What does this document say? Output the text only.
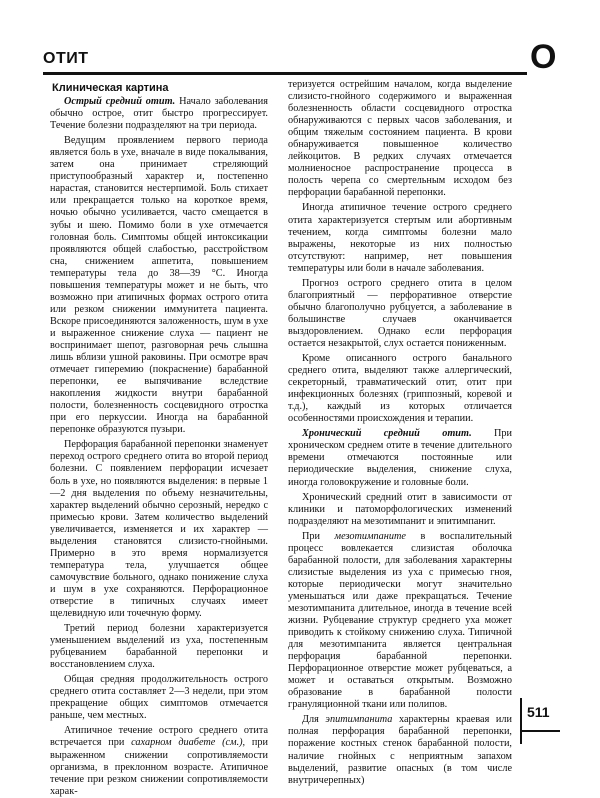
ОТИТ	О
Клиническая картина

Острый средний отит. Начало заболевания обычно острое, отит быстро прогрессирует. Течение болезни подразделяют на три периода.

Ведущим проявлением первого периода является боль в ухе, вначале в виде покалывания, затем она принимает стреляющий приступообразный характер и, постепенно нарастая, становится нестерпимой. Боль стихает или прекращается только на короткое время, ночью обычно усиливается, часто смещается в зубы и шею. Помимо боли в ухе отмечается головная боль. Симптомы общей интоксикации проявляются общей слабостью, расстройством сна, снижением аппетита, повышением температуры тела до 38—39 °С. Иногда повышения температуры может и не быть, что возможно при атипичных формах острого отита или резком снижении иммунитета пациента. Вскоре присоединяются заложенность, шум в ухе и выраженное снижение слуха — пациент не воспринимает шепот, разговорная речь слышна лишь вблизи ушной раковины. При осмотре врач отмечает гиперемию (покраснение) барабанной перепонки, ее выпячивание вследствие накопления жидкости внутри барабанной полости, болезненность сосцевидного отростка при его перкуссии. Иногда на барабанной перепонке образуются пузыри.

Перфорация барабанной перепонки знаменует переход острого среднего отита во второй период болезни. С появлением перфорации исчезает боль в ухе, но появляются выделения: в первые 1—2 дня выделения по объему незначительны, характер выделений обычно серозный, нередко с примесью крови. Затем количество выделений увеличивается, изменяется и их характер — выделения становятся слизисто-гнойными. Примерно в это время нормализуется температура тела, улучшается общее самочувствие больного, однако понижение слуха и шум в ухе сохраняются. Перфорационное отверстие в типичных случаях имеет щелевидную или точечную форму.

Третий период болезни характеризуется уменьшением выделений из уха, постепенным рубцеванием барабанной перепонки и восстановлением слуха.

Общая средняя продолжительность острого среднего отита составляет 2—3 недели, при этом прекращение общих симптомов отмечается раньше, чем местных.

Атипичное течение острого среднего отита встречается при сахарном диабете (см.), при выраженном снижении сопротивляемости организма, в преклонном возрасте. Атипичное течение при резком снижении сопротивляемости харак-

теризуется острейшим началом, когда выделение слизисто-гнойного содержимого и выраженная болезненность области сосцевидного отростка обнаруживаются с первых часов заболевания, и общим тяжелым состоянием пациента. В крови обнаруживается повышенное количество лейкоцитов. В редких случаях отмечается молниеносное распространение процесса в полость черепа со смертельным исходом без перфорации барабанной перепонки.

Иногда атипичное течение острого среднего отита характеризуется стертым или абортивным течением, когда симптомы болезни мало выражены, некоторые из них полностью отсутствуют: например, нет повышения температуры или боли в начале заболевания.

Прогноз острого среднего отита в целом благоприятный — перфоративное отверстие обычно благополучно рубцуется, а заболевание в большинстве случаев оканчивается выздоровлением. Однако если перфорация остается незакрытой, слух остается пониженным.

Кроме описанного острого банального среднего отита, выделяют также аллергический, секреторный, травматический отит, отит при инфекционных болезнях (гриппозный, коревой и т.д.), каждый из которых отличается особенностями происхождения и терапии.

Хронический средний отит. При хроническом среднем отите в течение длительного времени отмечаются постоянные или периодические выделения, снижение слуха, иногда головокружение и головные боли.

Хронический средний отит в зависимости от клиники и патоморфологических изменений подразделяют на мезотимпанит и эпитимпанит.

При мезотимпаните в воспалительный процесс вовлекается слизистая оболочка барабанной полости, для заболевания характерны слизистые выделения из уха с примесью гноя, которые периодически могут значительно уменьшаться или даже прекращаться. Течение мезотимпанита длительное, иногда в течение всей жизни. Рубцевание структур среднего уха может приводить к стойкому снижению слуха. Типичной для мезотимпанита является центральная перфорация барабанной перепонки. Перфорационное отверстие может рубцеваться, а может и оставаться открытым. Возможно образование в барабанной полости грануляционной ткани или полипов.

Для эпитимпанита характерны краевая или полная перфорация барабанной перепонки, поражение костных стенок барабанной полости, наличие гнойных с неприятным запахом выделений, развитие опасных (в том числе внутричерепных)

511
